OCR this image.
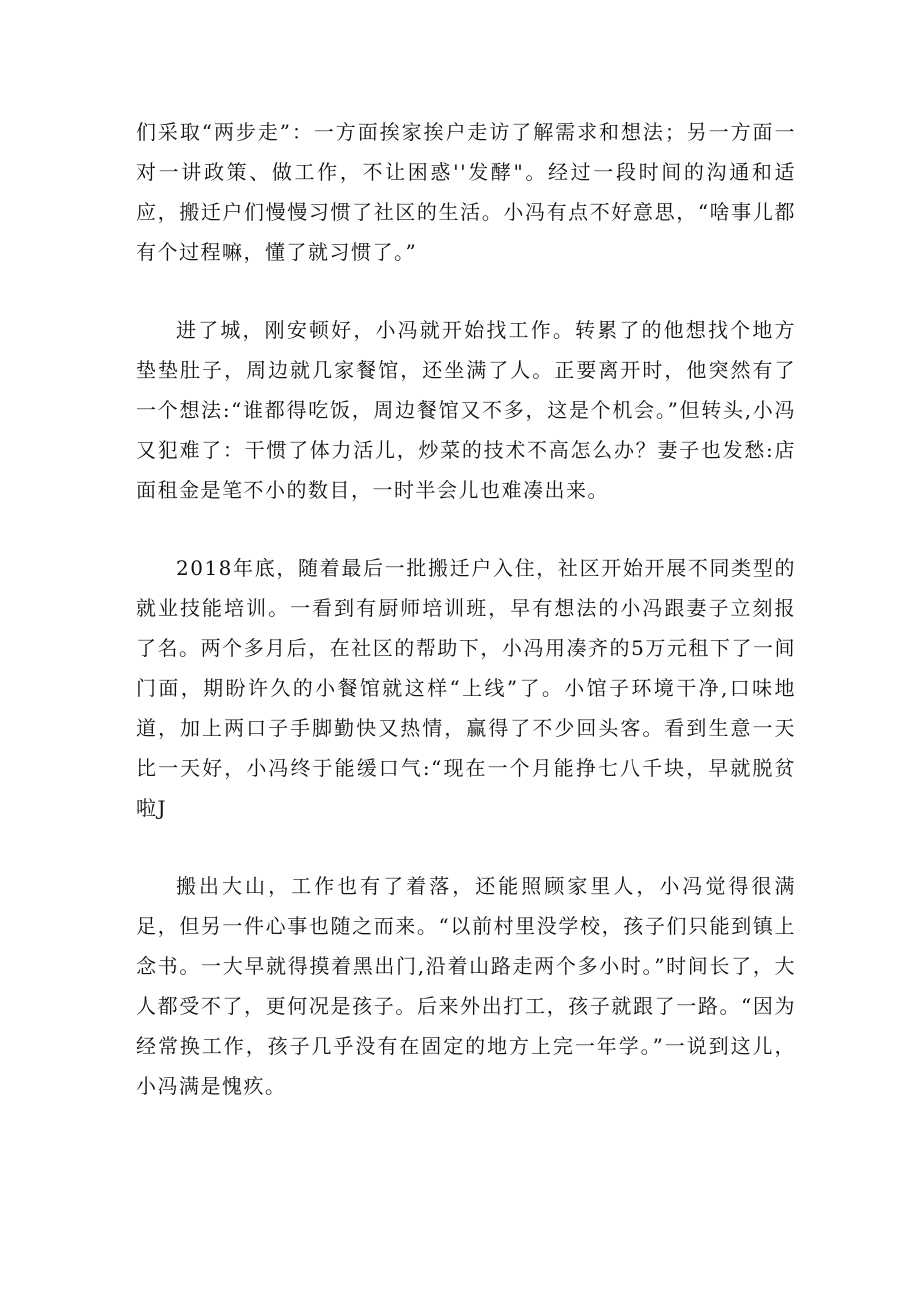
们采取“两步走”：一方面挨家挨户走访了解需求和想法；另一方面一对一讲政策、做工作，不让困惑''发酵"。经过一段时间的沟通和适应，搬迁户们慢慢习惯了社区的生活。小冯有点不好意思，“啥事儿都有个过程嘛，懂了就习惯了。”

进了城，刚安顿好，小冯就开始找工作。转累了的他想找个地方垫垫肚子，周边就几家餐馆，还坐满了人。正要离开时，他突然有了一个想法:“谁都得吃饭，周边餐馆又不多，这是个机会。”但转头,小冯又犯难了：干惯了体力活儿，炒菜的技术不高怎么办？妻子也发愁:店面租金是笔不小的数目，一时半会儿也难凑出来。

2018年底，随着最后一批搬迁户入住，社区开始开展不同类型的就业技能培训。一看到有厨师培训班，早有想法的小冯跟妻子立刻报了名。两个多月后，在社区的帮助下，小冯用凑齐的5万元租下了一间门面，期盼许久的小餐馆就这样“上线”了。小馆子环境干净,口味地道，加上两口子手脚勤快又热情，赢得了不少回头客。看到生意一天比一天好，小冯终于能缓口气:“现在一个月能挣七八千块，早就脱贫啦J

搬出大山，工作也有了着落，还能照顾家里人，小冯觉得很满足，但另一件心事也随之而来。“以前村里没学校，孩子们只能到镇上念书。一大早就得摸着黑出门,沿着山路走两个多小时。”时间长了，大人都受不了，更何况是孩子。后来外出打工，孩子就跟了一路。“因为经常换工作，孩子几乎没有在固定的地方上完一年学。”一说到这儿，小冯满是愧疚。
